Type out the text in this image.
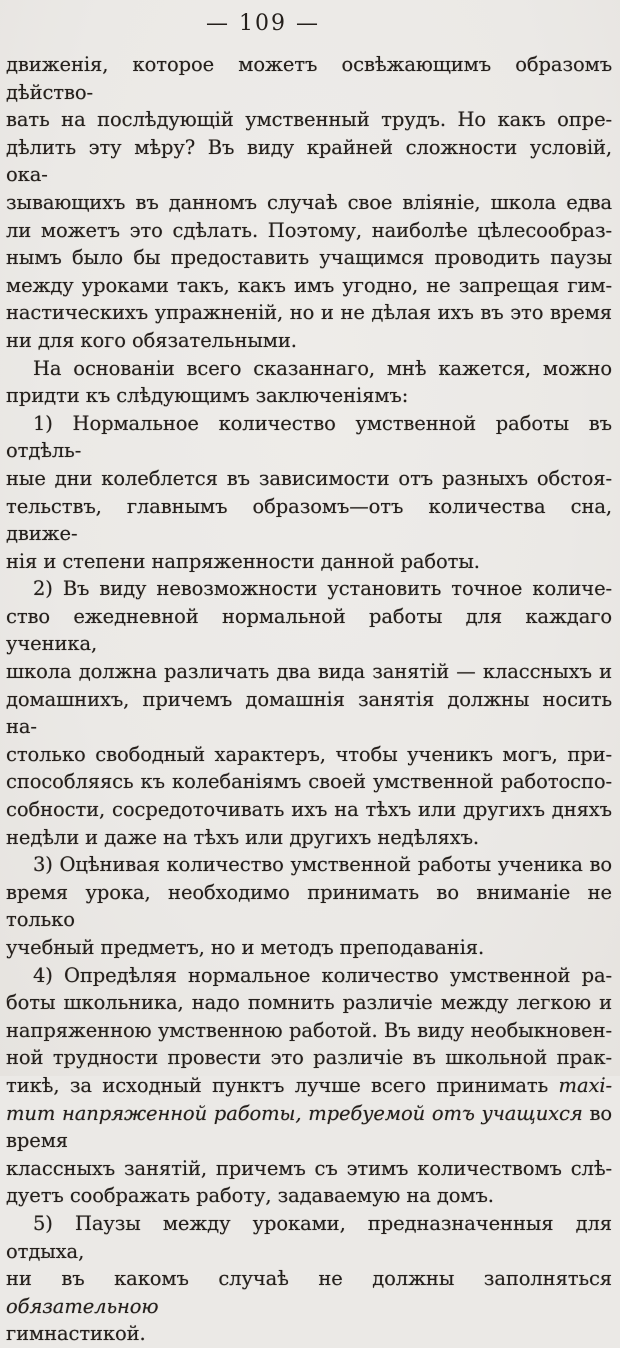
— 109 —
движенія, которое можетъ освѣжающимъ образомъ дѣйство-
вать на послѣдующій умственный трудъ. Но какъ опре-
дѣлить эту мѣру? Въ виду крайней сложности условій, ока-
зывающихъ въ данномъ случаѣ свое вліяніе, школа едва
ли можетъ это сдѣлать. Поэтому, наиболѣе цѣлесообраз-
нымъ было бы предоставить учащимся проводить паузы
между уроками такъ, какъ имъ угодно, не запрещая гим-
настическихъ упражненій, но и не дѣлая ихъ въ это время
ни для кого обязательными.
На основаніи всего сказаннаго, мнѣ кажется, можно
придти къ слѣдующимъ заключеніямъ:
1) Нормальное количество умственной работы въ отдѣль-
ные дни колеблется въ зависимости отъ разныхъ обстоя-
тельствъ, главнымъ образомъ—отъ количества сна, движе-
нія и степени напряженности данной работы.
2) Въ виду невозможности установить точное количе-
ство ежедневной нормальной работы для каждаго ученика,
школа должна различать два вида занятій — классныхъ и
домашнихъ, причемъ домашнія занятія должны носить на-
столько свободный характеръ, чтобы ученикъ могъ, при-
способляясь къ колебаніямъ своей умственной работоспо-
собности, сосредоточивать ихъ на тѣхъ или другихъ дняхъ
недѣли и даже на тѣхъ или другихъ недѣляхъ.
3) Оцѣнивая количество умственной работы ученика во
время урока, необходимо принимать во вниманіе не только
учебный предметъ, но и методъ преподаванія.
4) Опредѣляя нормальное количество умственной ра-
боты школьника, надо помнить различіе между легкою и
напряженною умственною работой. Въ виду необыкновен-
ной трудности провести это различіе въ школьной прак-
тикѣ, за исходный пунктъ лучше всего принимать maxi-
mum напряженной работы, требуемой отъ учащихся во время
классныхъ занятій, причемъ съ этимъ количествомъ слѣ-
дуетъ соображать работу, задаваемую на домъ.
5) Паузы между уроками, предназначенныя для отдыха,
ни въ какомъ случаѣ не должны заполняться обязательною
гимнастикой.
